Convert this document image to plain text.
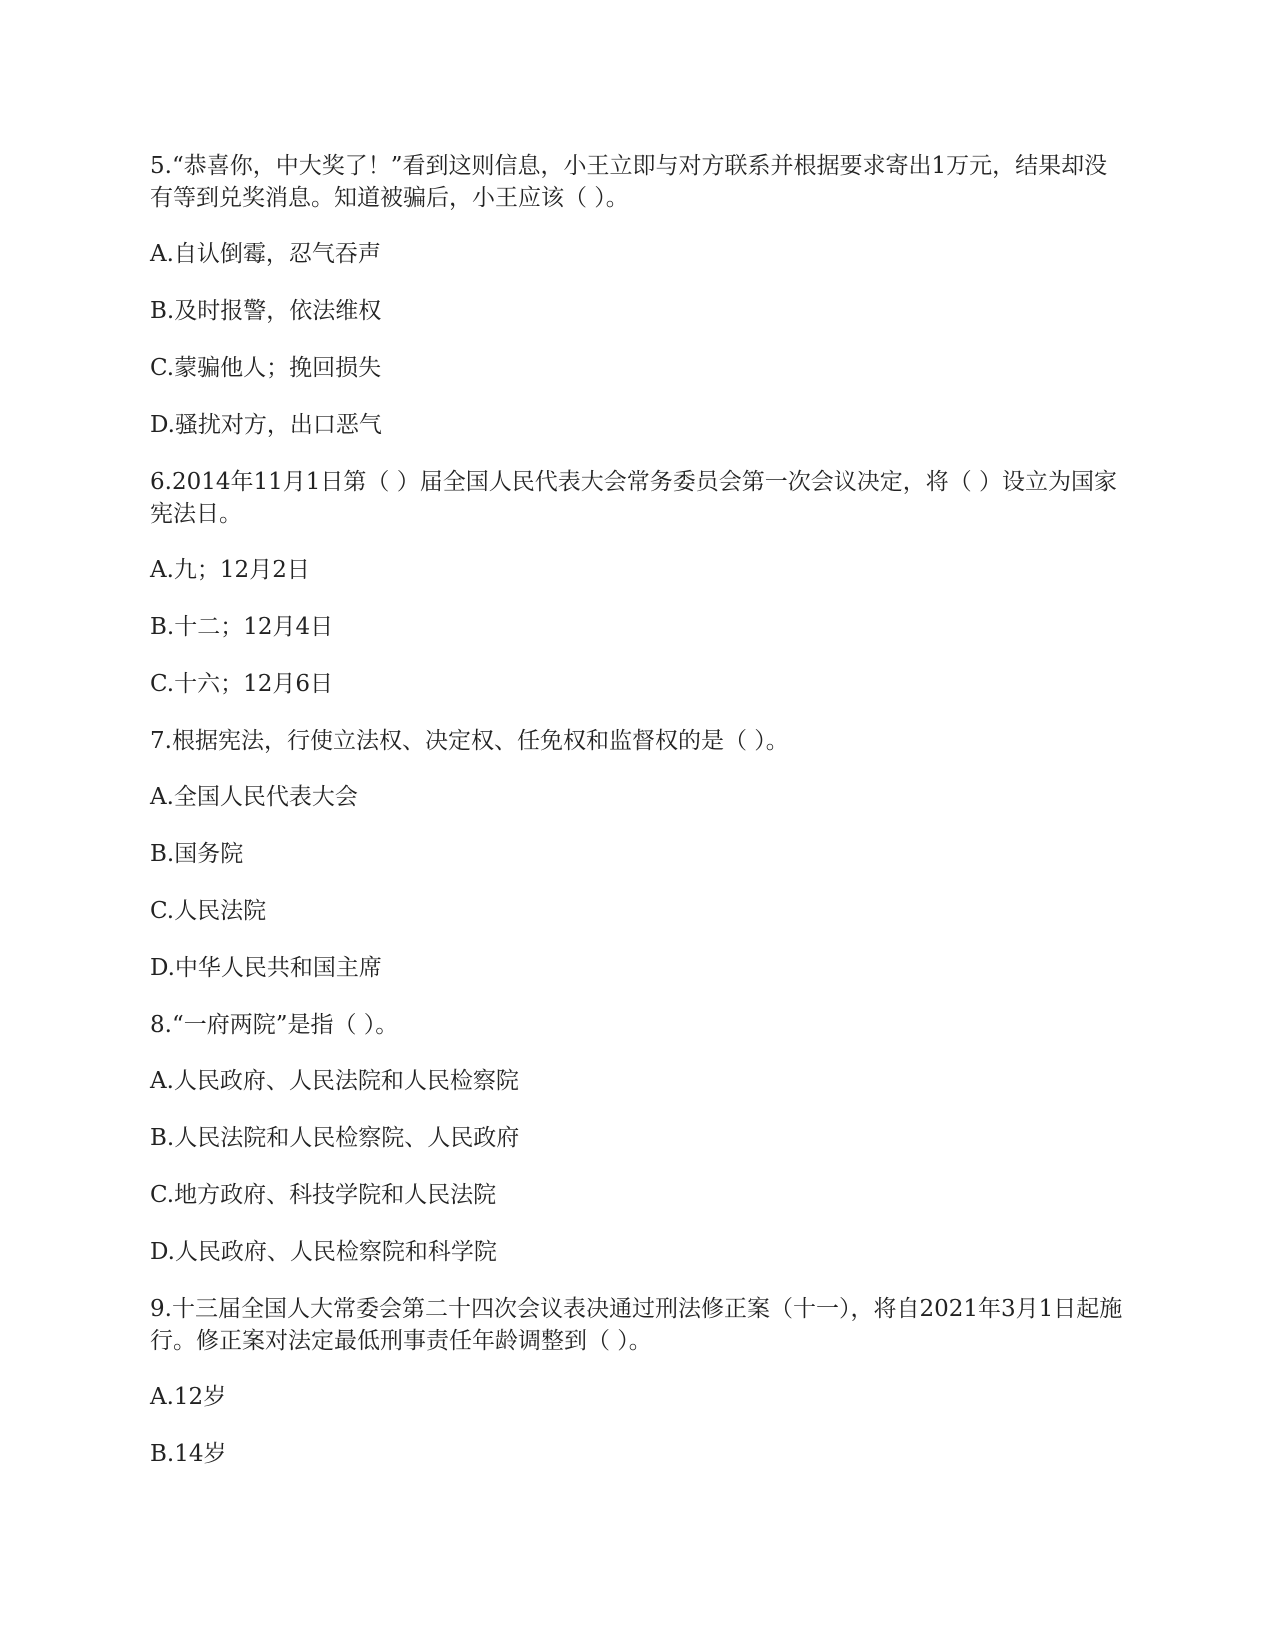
5.“恭喜你，中大奖了！”看到这则信息，小王立即与对方联系并根据要求寄出1万元，结果却没有等到兑奖消息。知道被骗后，小王应该（ ）。
A.自认倒霉，忍气吞声
B.及时报警，依法维权
C.蒙骗他人；挽回损失
D.骚扰对方，出口恶气
6.2014年11月1日第（ ）届全国人民代表大会常务委员会第一次会议决定，将（ ）设立为国家宪法日。
A.九；12月2日
B.十二；12月4日
C.十六；12月6日
7.根据宪法，行使立法权、决定权、任免权和监督权的是（ ）。
A.全国人民代表大会
B.国务院
C.人民法院
D.中华人民共和国主席
8.“一府两院”是指（ ）。
A.人民政府、人民法院和人民检察院
B.人民法院和人民检察院、人民政府
C.地方政府、科技学院和人民法院
D.人民政府、人民检察院和科学院
9.十三届全国人大常委会第二十四次会议表决通过刑法修正案（十一），将自2021年3月1日起施行。修正案对法定最低刑事责任年龄调整到（ ）。
A.12岁
B.14岁
